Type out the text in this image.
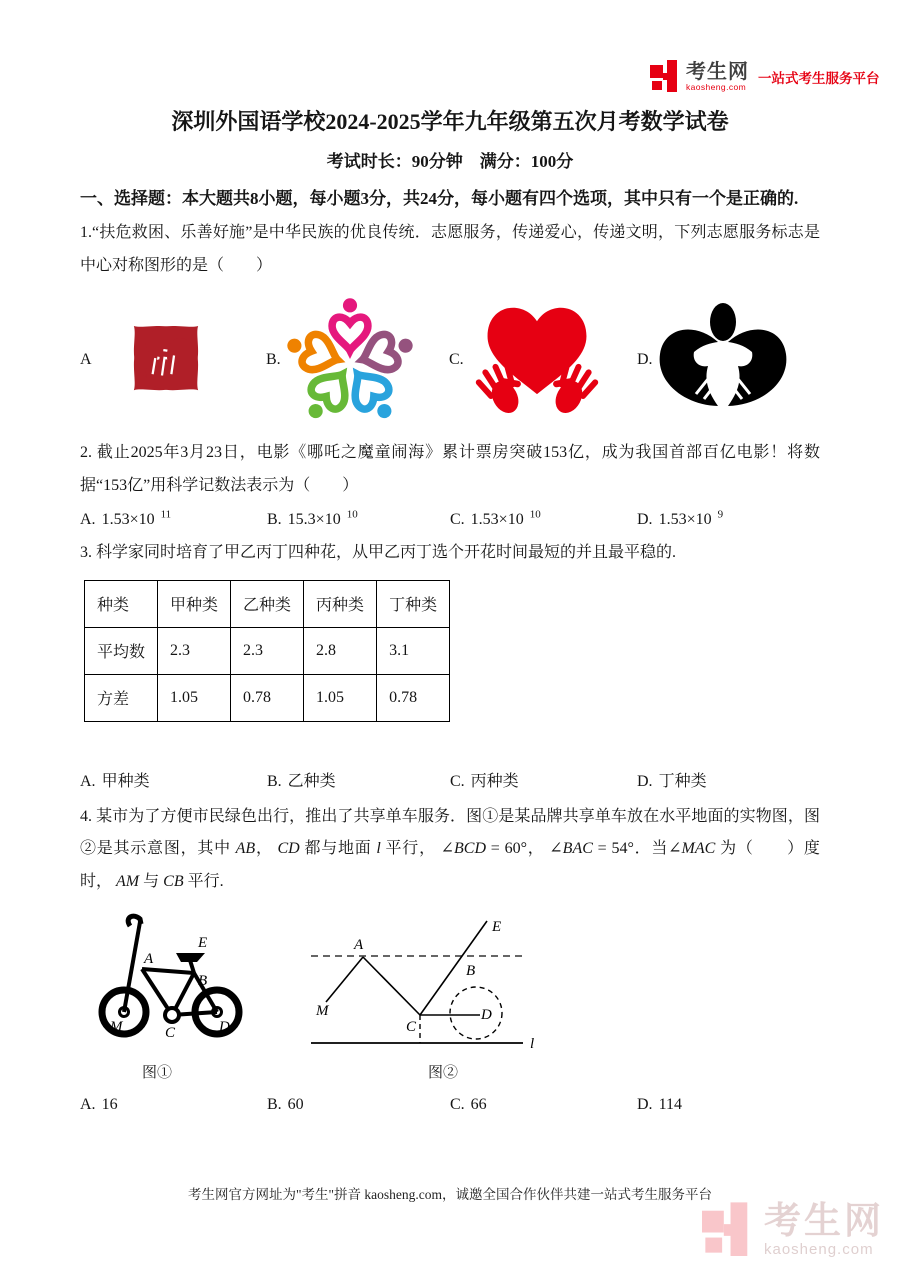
考生网
kaosheng.com
一站式考生服务平台
深圳外国语学校2024-2025学年九年级第五次月考数学试卷
考试时长：90分钟　满分：100分
一、选择题：本大题共8小题，每小题3分，共24分，每小题有四个选项，其中只有一个是正确的.

1.“扶危救困、乐善好施”是中华民族的优良传统．志愿服务，传递爱心，传递文明，下列志愿服务标志是中心对称图形的是（　　）

A	B.	C.	D.

2. 截止2025年3月23日，电影《哪吒之魔童闹海》累计票房突破153亿，成为我国首部百亿电影！将数据“153亿”用科学记数法表示为（　　）

A. 1.53×10 $^{11}$	B. 15.3×10 $^{10}$	C. 1.53×10 $^{10}$	D. 1.53×10 $^9$

3. 科学家同时培育了甲乙丙丁四种花，从甲乙丙丁选个开花时间最短的并且最平稳的.

种类	甲种类	乙种类	丙种类	丁种类
平均数	2.3	2.3	2.8	3.1
方差	1.05	0.78	1.05	0.78
A. 甲种类	B. 乙种类	C. 丙种类	D. 丁种类

4. 某市为了方便市民绿色出行，推出了共享单车服务．图①是某品牌共享单车放在水平地面的实物图，图②是其示意图，其中 AB， CD 都与地面 l 平行， ∠BCD = 60°， ∠BAC = 54°．当∠MAC 为（　　）度时， AM 与 CB 平行.

A
E
B
M	C	D
A
E
B
M
C
D
l
图①	图②
A. 16	B. 60	C. 66	D. 114
考生网官方网址为"考生"拼音 kaosheng.com，诚邀全国合作伙伴共建一站式考生服务平台
考生网
kaosheng.com
